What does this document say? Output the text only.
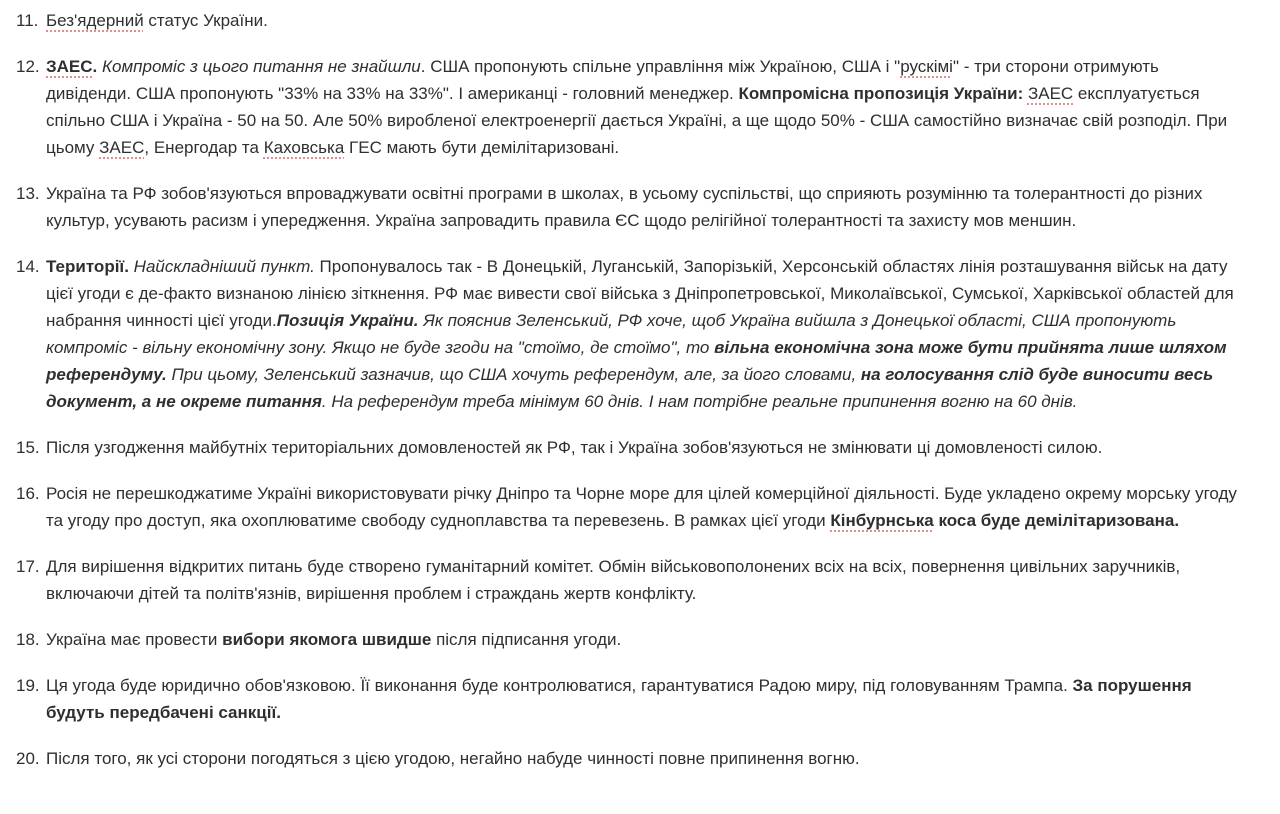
11. Без'ядерний статус України.
12. ЗАЕС. Компроміс з цього питання не знайшли. США пропонують спільне управління між Україною, США і "рускімі" - три сторони отримують дивіденди. США пропонують "33% на 33% на 33%". І американці - головний менеджер. Компромісна пропозиція України: ЗАЕС експлуатується спільно США і Україна - 50 на 50. Але 50% виробленої електроенергії дається Україні, а ще щодо 50% - США самостійно визначає свій розподіл. При цьому ЗАЕС, Енергодар та Каховська ГЕС мають бути демілітаризовані.
13. Україна та РФ зобов'язуються впроваджувати освітні програми в школах, в усьому суспільстві, що сприяють розумінню та толерантності до різних культур, усувають расизм і упередження. Україна запровадить правила ЄС щодо релігійної толерантності та захисту мов меншин.
14. Території. Найскладніший пункт. Пропонувалось так - В Донецькій, Луганській, Запорізькій, Херсонській областях лінія розташування військ на дату цієї угоди є де-факто визнаною лінією зіткнення. РФ має вивести свої війська з Дніпропетровської, Миколаївської, Сумської, Харківської областей для набрання чинності цієї угоди.Позиція України. Як пояснив Зеленський, РФ хоче, щоб Україна вийшла з Донецької області, США пропонують компроміс - вільну економічну зону. Якщо не буде згоди на "стоїмо, де стоїмо", то вільна економічна зона може бути прийнята лише шляхом референдуму. При цьому, Зеленський зазначив, що США хочуть референдум, але, за його словами, на голосування слід буде виносити весь документ, а не окреме питання. На референдум треба мінімум 60 днів. І нам потрібне реальне припинення вогню на 60 днів.
15. Після узгодження майбутніх територіальних домовленостей як РФ, так і Україна зобов'язуються не змінювати ці домовленості силою.
16. Росія не перешкоджатиме Україні використовувати річку Дніпро та Чорне море для цілей комерційної діяльності. Буде укладено окрему морську угоду та угоду про доступ, яка охоплюватиме свободу судноплавства та перевезень. В рамках цієї угоди Кінбурнська коса буде демілітаризована.
17. Для вирішення відкритих питань буде створено гуманітарний комітет. Обмін військовополонених всіх на всіх, повернення цивільних заручників, включаючи дітей та політв'язнів, вирішення проблем і страждань жертв конфлікту.
18. Україна має провести вибори якомога швидше після підписання угоди.
19. Ця угода буде юридично обов'язковою. Її виконання буде контролюватися, гарантуватися Радою миру, під головуванням Трампа. За порушення будуть передбачені санкції.
20. Після того, як усі сторони погодяться з цією угодою, негайно набуде чинності повне припинення вогню.
